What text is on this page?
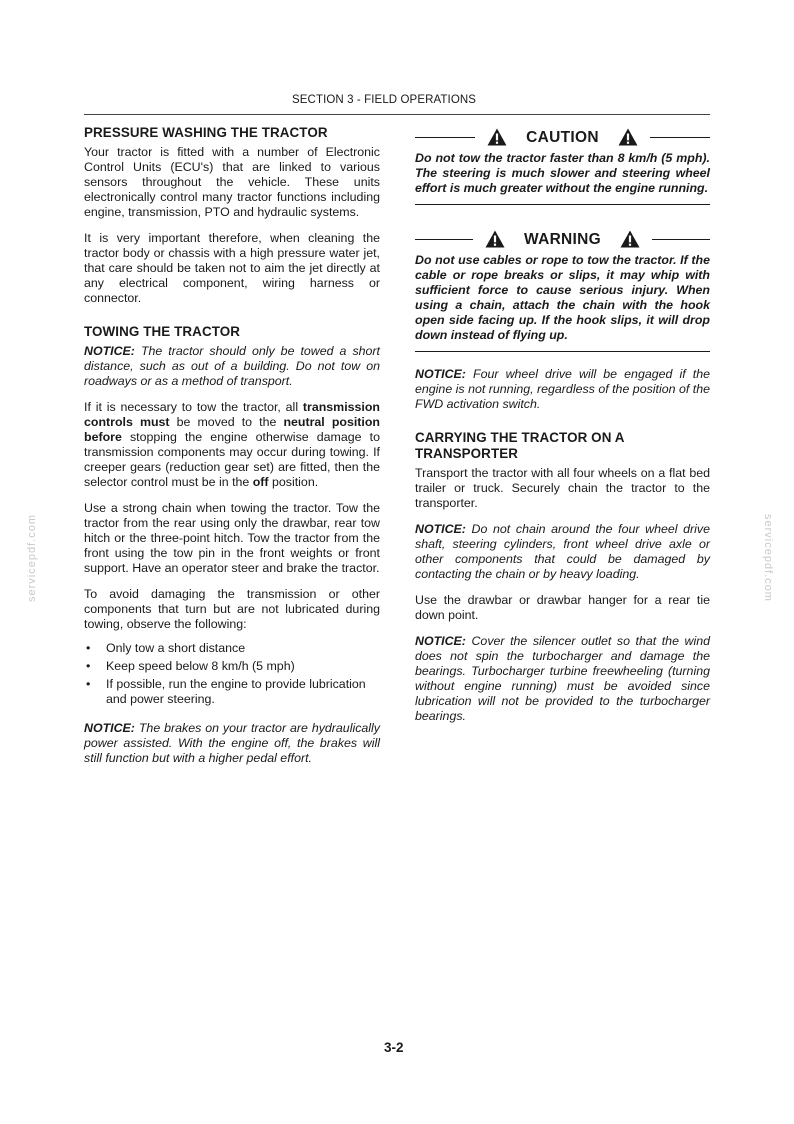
SECTION 3 - FIELD OPERATIONS
servicepdf.com	servicepdf.com
PRESSURE WASHING THE TRACTOR

Your tractor is fitted with a number of Electronic Control Units (ECU's) that are linked to various sensors throughout the vehicle. These units electronically control many tractor functions including engine, transmission, PTO and hydraulic systems.

It is very important therefore, when cleaning the tractor body or chassis with a high pressure water jet, that care should be taken not to aim the jet directly at any electrical component, wiring harness or connector.

TOWING THE TRACTOR

NOTICE: The tractor should only be towed a short distance, such as out of a building. Do not tow on roadways or as a method of transport.

If it is necessary to tow the tractor, all transmission controls must be moved to the neutral position before stopping the engine otherwise damage to transmission components may occur during towing. If creeper gears (reduction gear set) are fitted, then the selector control must be in the off position.

Use a strong chain when towing the tractor. Tow the tractor from the rear using only the drawbar, rear tow hitch or the three-point hitch. Tow the tractor from the front using the tow pin in the front weights or front support. Have an operator steer and brake the tractor.

To avoid damaging the transmission or other components that turn but are not lubricated during towing, observe the following:

• Only tow a short distance
• Keep speed below 8 km/h (5 mph)
• If possible, run the engine to provide lubrication and power steering.

NOTICE: The brakes on your tractor are hydraulically power assisted. With the engine off, the brakes will still function but with a higher pedal effort.

CAUTION

Do not tow the tractor faster than 8 km/h (5 mph). The steering is much slower and steering wheel effort is much greater without the engine running.

WARNING

Do not use cables or rope to tow the tractor. If the cable or rope breaks or slips, it may whip with sufficient force to cause serious injury. When using a chain, attach the chain with the hook open side facing up. If the hook slips, it will drop down instead of flying up.

NOTICE: Four wheel drive will be engaged if the engine is not running, regardless of the position of the FWD activation switch.

CARRYING THE TRACTOR ON A TRANSPORTER

Transport the tractor with all four wheels on a flat bed trailer or truck. Securely chain the tractor to the transporter.

NOTICE: Do not chain around the four wheel drive shaft, steering cylinders, front wheel drive axle or other components that could be damaged by contacting the chain or by heavy loading.

Use the drawbar or drawbar hanger for a rear tie down point.

NOTICE: Cover the silencer outlet so that the wind does not spin the turbocharger and damage the bearings. Turbocharger turbine freewheeling (turning without engine running) must be avoided since lubrication will not be provided to the turbocharger bearings.

3-2
